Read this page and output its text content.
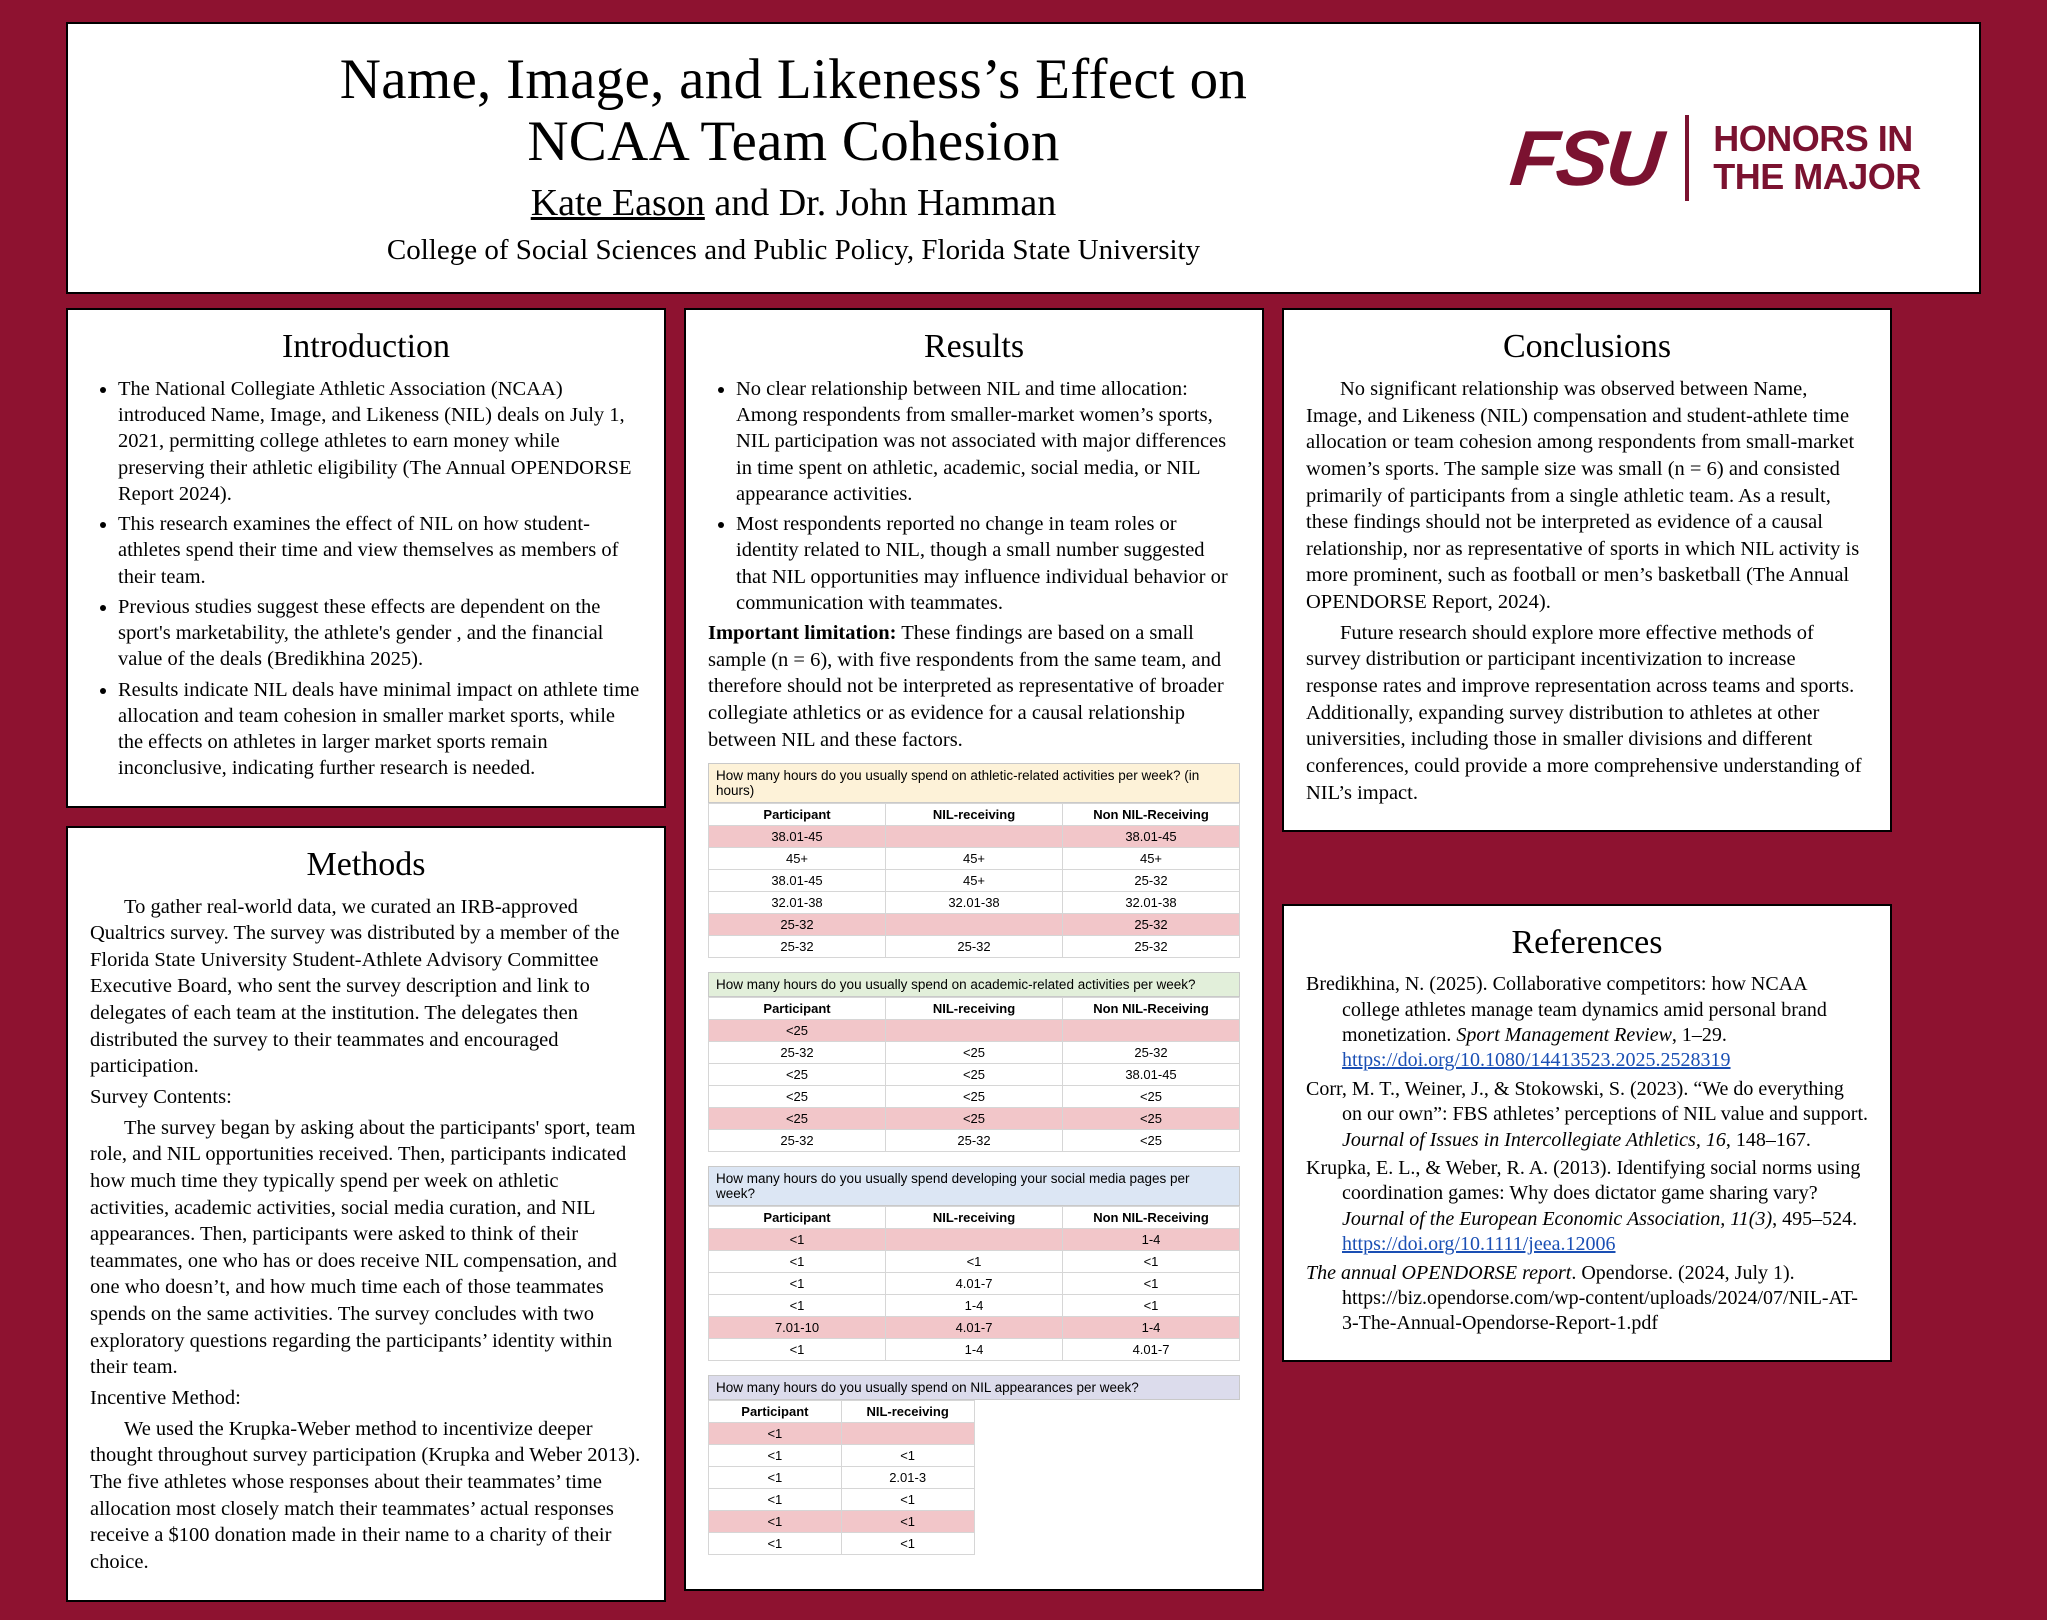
Name, Image, and Likeness’s Effect on
NCAA Team Cohesion
Kate Eason and Dr. John Hamman
College of Social Sciences and Public Policy, Florida State University
FSU HONORS IN
THE MAJOR
Introduction
• The National Collegiate Athletic Association (NCAA) introduced Name, Image, and Likeness (NIL) deals on July 1, 2021, permitting college athletes to earn money while preserving their athletic eligibility (The Annual OPENDORSE Report 2024).
• This research examines the effect of NIL on how student-athletes spend their time and view themselves as members of their team.
• Previous studies suggest these effects are dependent on the sport's marketability, the athlete's gender , and the financial value of the deals (Bredikhina 2025).
• Results indicate NIL deals have minimal impact on athlete time allocation and team cohesion in smaller market sports, while the effects on athletes in larger market sports remain inconclusive, indicating further research is needed.
Methods

To gather real-world data, we curated an IRB-approved Qualtrics survey. The survey was distributed by a member of the Florida State University Student-Athlete Advisory Committee Executive Board, who sent the survey description and link to delegates of each team at the institution. The delegates then distributed the survey to their teammates and encouraged participation.

Survey Contents:

The survey began by asking about the participants' sport, team role, and NIL opportunities received. Then, participants indicated how much time they typically spend per week on athletic activities, academic activities, social media curation, and NIL appearances. Then, participants were asked to think of their teammates, one who has or does receive NIL compensation, and one who doesn’t, and how much time each of those teammates spends on the same activities. The survey concludes with two exploratory questions regarding the participants’ identity within their team.

Incentive Method:

We used the Krupka-Weber method to incentivize deeper thought throughout survey participation (Krupka and Weber 2013). The five athletes whose responses about their teammates’ time allocation most closely match their teammates’ actual responses receive a $100 donation made in their name to a charity of their choice.

Results
• No clear relationship between NIL and time allocation: Among respondents from smaller-market women’s sports, NIL participation was not associated with major differences in time spent on athletic, academic, social media, or NIL appearance activities.
• Most respondents reported no change in team roles or identity related to NIL, though a small number suggested that NIL opportunities may influence individual behavior or communication with teammates.

Important limitation: These findings are based on a small sample (n = 6), with five respondents from the same team, and therefore should not be interpreted as representative of broader collegiate athletics or as evidence for a causal relationship between NIL and these factors.

How many hours do you usually spend on athletic-related activities per week? (in hours)
Participant	NIL-receiving	Non NIL-Receiving
38.01-45		38.01-45
45+	45+	45+
38.01-45	45+	25-32
32.01-38	32.01-38	32.01-38
25-32		25-32
25-32	25-32	25-32
How many hours do you usually spend on academic-related activities per week?
Participant	NIL-receiving	Non NIL-Receiving
<25		
25-32	<25	25-32
<25	<25	38.01-45
<25	<25	<25
<25	<25	<25
25-32	25-32	<25
How many hours do you usually spend developing your social media pages per week?
Participant	NIL-receiving	Non NIL-Receiving
<1		1-4
<1	<1	<1
<1	4.01-7	<1
<1	1-4	<1
7.01-10	4.01-7	1-4
<1	1-4	4.01-7
How many hours do you usually spend on NIL appearances per week?
Participant	NIL-receiving		
<1			
<1	<1		
<1	2.01-3		
<1	<1		
<1	<1		
<1	<1		
Conclusions

No significant relationship was observed between Name, Image, and Likeness (NIL) compensation and student-athlete time allocation or team cohesion among respondents from small-market women’s sports. The sample size was small (n = 6) and consisted primarily of participants from a single athletic team. As a result, these findings should not be interpreted as evidence of a causal relationship, nor as representative of sports in which NIL activity is more prominent, such as football or men’s basketball (The Annual OPENDORSE Report, 2024).

Future research should explore more effective methods of survey distribution or participant incentivization to increase response rates and improve representation across teams and sports. Additionally, expanding survey distribution to athletes at other universities, including those in smaller divisions and different conferences, could provide a more comprehensive understanding of NIL’s impact.

References
Bredikhina, N. (2025). Collaborative competitors: how NCAA college athletes manage team dynamics amid personal brand monetization. Sport Management Review, 1–29. https://doi.org/10.1080/14413523.2025.2528319
Corr, M. T., Weiner, J., & Stokowski, S. (2023). “We do everything on our own”: FBS athletes’ perceptions of NIL value and support. Journal of Issues in Intercollegiate Athletics, 16, 148–167.
Krupka, E. L., & Weber, R. A. (2013). Identifying social norms using coordination games: Why does dictator game sharing vary? Journal of the European Economic Association, 11(3), 495–524. https://doi.org/10.1111/jeea.12006
The annual OPENDORSE report. Opendorse. (2024, July 1). https://biz.opendorse.com/wp-content/uploads/2024/07/NIL-AT-3-The-Annual-Opendorse-Report-1.pdf
